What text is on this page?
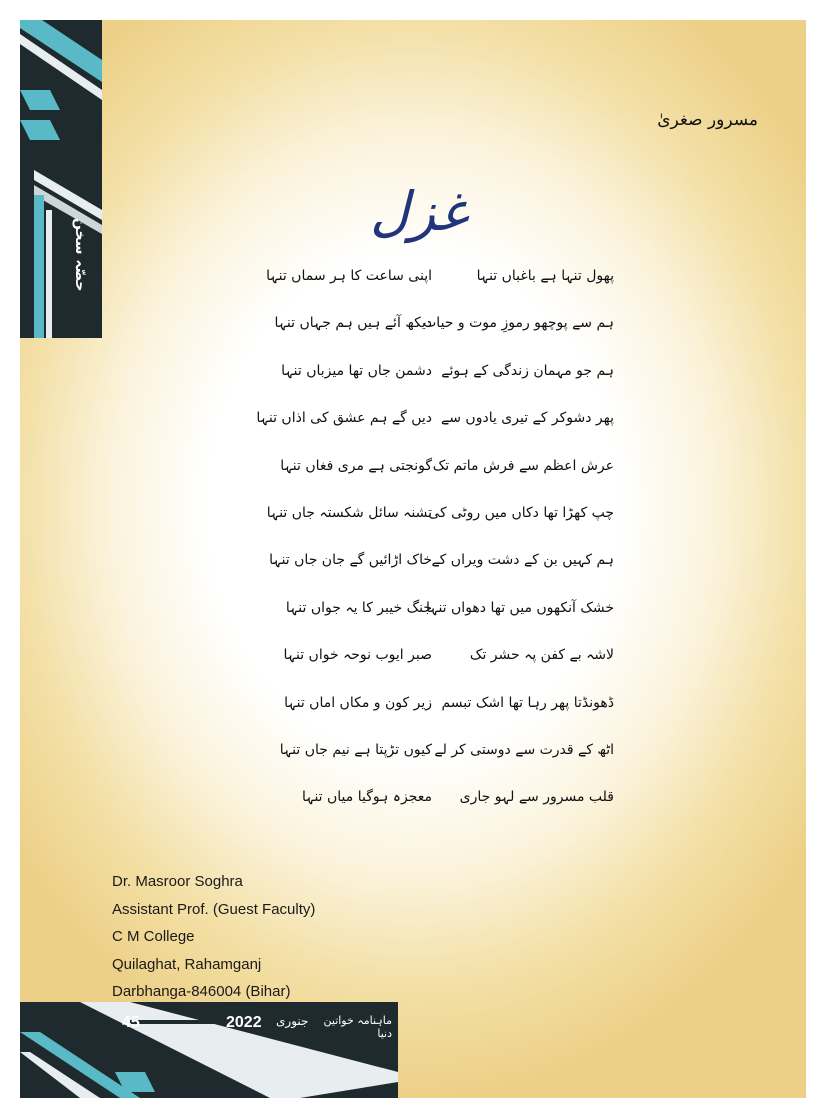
حصّہ سخن
مسرور صغریٰ
غزل
پھول تنہا ہے باغباں تنہا
اپنی ساعت کا ہر سماں تنہا
ہم سے پوچھو رموزِ موت و حیات
دیکھ آئے ہیں ہم جہاں تنہا
ہم جو مہمان زندگی کے ہوئے
دشمن جاں تھا میزباں تنہا
پھر دشوکر کے تیری یادوں سے
دیں گے ہم عشق کی اذاں تنہا
عرش اعظم سے فرش ماتم تک
گونجتی ہے مری فغاں تنہا
چپ کھڑا تھا دکاں میں روٹی کی
تشنہ سائل شکستہ جاں تنہا
ہم کہیں بن کے دشت ویراں کے
خاک اڑائیں گے جان جاں تنہا
خشک آنکھوں میں تھا دھواں تنہا
جنگ خیبر کا یہ جواں تنہا
لاشہ بے کفن پہ حشر تک
صبر ایوب نوحہ خواں تنہا
ڈھونڈتا پھر رہا تھا اشک تبسم
زیر کون و مکاں اماں تنہا
اٹھ کے قدرت سے دوستی کر لے
کیوں تڑپتا ہے نیم جاں تنہا
قلب مسرور سے لہو جاری
معجزہ ہوگیا میاں تنہا
Dr. Masroor Soghra
Assistant Prof. (Guest Faculty)
C M College
Quilaghat, Rahamganj
Darbhanga-846004 (Bihar)
45	2022 جنوری	ماہنامہ خواتین دنیا
